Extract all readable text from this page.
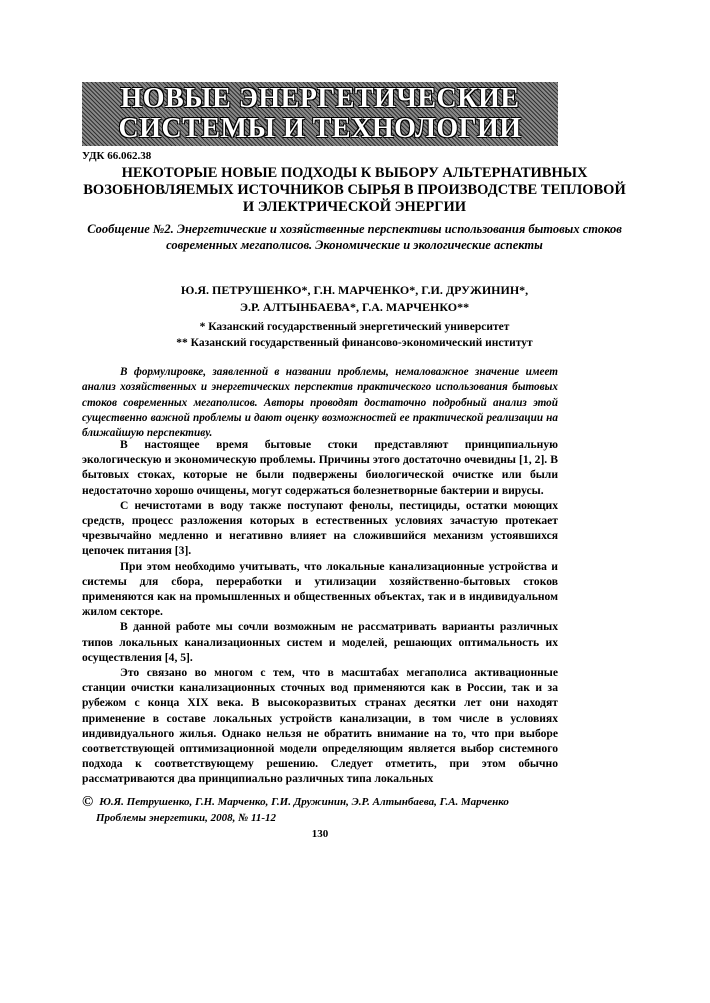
НОВЫЕ ЭНЕРГЕТИЧЕСКИЕ
СИСТЕМЫ И ТЕХНОЛОГИИ
УДК 66.062.38
НЕКОТОРЫЕ НОВЫЕ ПОДХОДЫ К ВЫБОРУ АЛЬТЕРНАТИВНЫХ ВОЗОБНОВЛЯЕМЫХ ИСТОЧНИКОВ СЫРЬЯ В ПРОИЗВОДСТВЕ ТЕПЛОВОЙ И ЭЛЕКТРИЧЕСКОЙ ЭНЕРГИИ
Сообщение №2. Энергетические и хозяйственные перспективы использования бытовых стоков современных мегаполисов. Экономические и экологические аспекты
Ю.Я. ПЕТРУШЕНКО*, Г.Н. МАРЧЕНКО*, Г.И. ДРУЖИНИН*,
Э.Р. АЛТЫНБАЕВА*, Г.А. МАРЧЕНКО**
* Казанский государственный энергетический университет
** Казанский государственный финансово-экономический институт

В формулировке, заявленной в названии проблемы, немаловажное значение имеет анализ хозяйственных и энергетических перспектив практического использования бытовых стоков современных мегаполисов. Авторы проводят достаточно подробный анализ этой существенно важной проблемы и дают оценку возможностей ее практической реализации на ближайшую перспективу.

В настоящее время бытовые стоки представляют принципиальную экологическую и экономическую проблемы. Причины этого достаточно очевидны [1, 2]. В бытовых стоках, которые не были подвержены биологической очистке или были недостаточно хорошо очищены, могут содержаться болезнетворные бактерии и вирусы.

С нечистотами в воду также поступают фенолы, пестициды, остатки моющих средств, процесс разложения которых в естественных условиях зачастую протекает чрезвычайно медленно и негативно влияет на сложившийся механизм устоявшихся цепочек питания [3].

При этом необходимо учитывать, что локальные канализационные устройства и системы для сбора, переработки и утилизации хозяйственно-бытовых стоков применяются как на промышленных и общественных объектах, так и в индивидуальном жилом секторе.

В данной работе мы сочли возможным не рассматривать варианты различных типов локальных канализационных систем и моделей, решающих оптимальность их осуществления [4, 5].

Это связано во многом с тем, что в масштабах мегаполиса активационные станции очистки канализационных сточных вод применяются как в России, так и за рубежом с конца XIX века. В высокоразвитых странах десятки лет они находят применение в составе локальных устройств канализации, в том числе в условиях индивидуального жилья. Однако нельзя не обратить внимание на то, что при выборе соответствующей оптимизационной модели определяющим является выбор системного подхода к соответствующему решению. Следует отметить, при этом обычно рассматриваются два принципиально различных типа локальных

© Ю.Я. Петрушенко, Г.Н. Марченко, Г.И. Дружинин, Э.Р. Алтынбаева, Г.А. Марченко
Проблемы энергетики, 2008, № 11-12
130
